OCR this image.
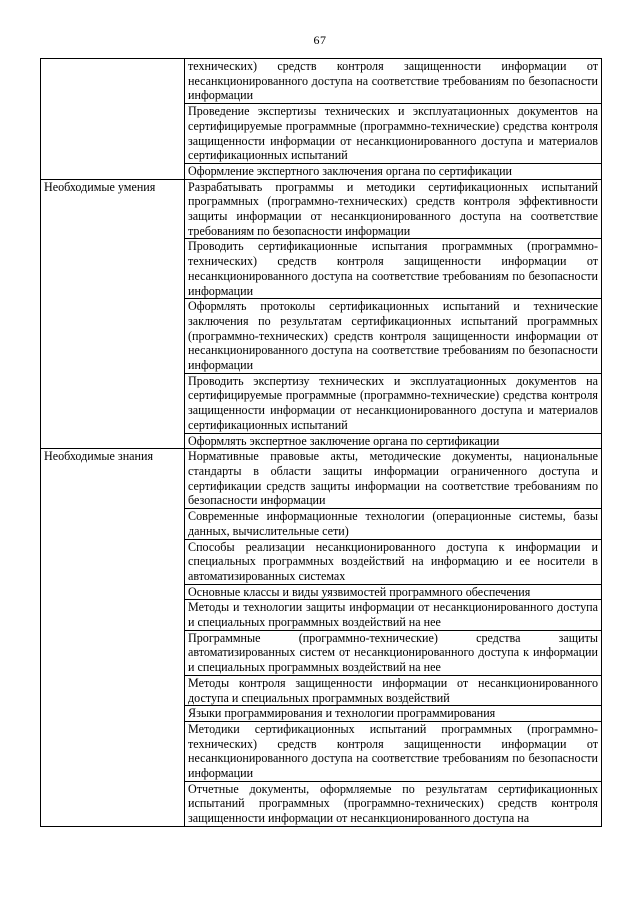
67
	технических) средств контроля защищенности информации от несанкционированного доступа на соответствие требованиям по безопасности информации
	Проведение экспертизы технических и эксплуатационных документов на сертифицируемые программные (программно-технические) средства контроля защищенности информации от несанкционированного доступа и материалов сертификационных испытаний
	Оформление экспертного заключения органа по сертификации
Необходимые умения	Разрабатывать программы и методики сертификационных испытаний программных (программно-технических) средств контроля эффективности защиты информации от несанкционированного доступа на соответствие требованиям по безопасности информации
	Проводить сертификационные испытания программных (программно-технических) средств контроля защищенности информации от несанкционированного доступа на соответствие требованиям по безопасности информации
	Оформлять протоколы сертификационных испытаний и технические заключения по результатам сертификационных испытаний программных (программно-технических) средств контроля защищенности информации от несанкционированного доступа на соответствие требованиям по безопасности информации
	Проводить экспертизу технических и эксплуатационных документов на сертифицируемые программные (программно-технические) средства контроля защищенности информации от несанкционированного доступа и материалов сертификационных испытаний
	Оформлять экспертное заключение органа по сертификации
Необходимые знания	Нормативные правовые акты, методические документы, национальные стандарты в области защиты информации ограниченного доступа и сертификации средств защиты информации на соответствие требованиям по безопасности информации
	Современные информационные технологии (операционные системы, базы данных, вычислительные сети)
	Способы реализации несанкционированного доступа к информации и специальных программных воздействий на информацию и ее носители в автоматизированных системах
	Основные классы и виды уязвимостей программного обеспечения
	Методы и технологии защиты информации от несанкционированного доступа и специальных программных воздействий на нее
	Программные (программно-технические) средства защиты автоматизированных систем от несанкционированного доступа к информации и специальных программных воздействий на нее
	Методы контроля защищенности информации от несанкционированного доступа и специальных программных воздействий
	Языки программирования и технологии программирования
	Методики сертификационных испытаний программных (программно-технических) средств контроля защищенности информации от несанкционированного доступа на соответствие требованиям по безопасности информации
	Отчетные документы, оформляемые по результатам сертификационных испытаний программных (программно-технических) средств контроля защищенности информации от несанкционированного доступа на
